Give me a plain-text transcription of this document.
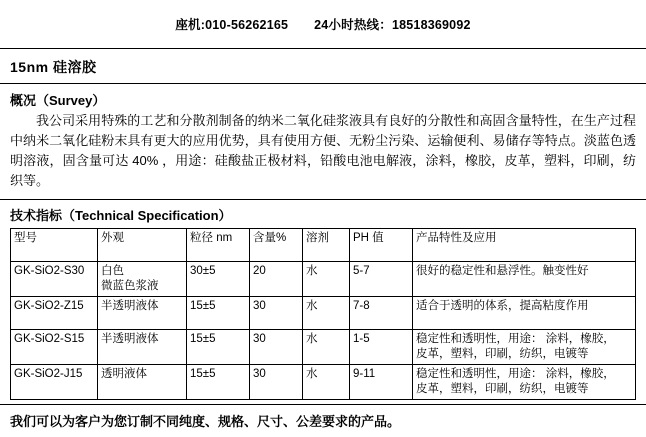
座机:010-56262165 24小时热线：18518369092
15nm 硅溶胶
概况（Survey）

我公司采用特殊的工艺和分散剂制备的纳米二氧化硅浆液具有良好的分散性和高固含量特性，在生产过程中纳米二氧化硅粉末具有更大的应用优势，具有使用方便、无粉尘污染、运输便利、易储存等特点。淡蓝色透明溶液，固含量可达 40% ，用途：硅酸盐正极材料，铅酸电池电解液，涂料，橡胶，皮革，塑料，印刷，纺织等。

技术指标（Technical Specification）
型号	外观	粒径 nm	含量%	溶剂	PH 值	产品特性及应用
GK-SiO2-S30	白色
微蓝色浆液	30±5	20	水	5-7	很好的稳定性和悬浮性。触变性好

GK-SiO2-Z15	半透明液体	15±5	30	水	7-8	适合于透明的体系，提高粘度作用

GK-SiO2-S15	半透明液体	15±5	30	水	1-5	稳定性和透明性，用途： 涂料，橡胶，
皮革，塑料，印刷，纺织，电镀等

GK-SiO2-J15	透明液体	15±5	30	水	9-11	稳定性和透明性，用途： 涂料，橡胶，
皮革，塑料，印刷，纺织，电镀等
我们可以为客户为您订制不同纯度、规格、尺寸、公差要求的产品。
